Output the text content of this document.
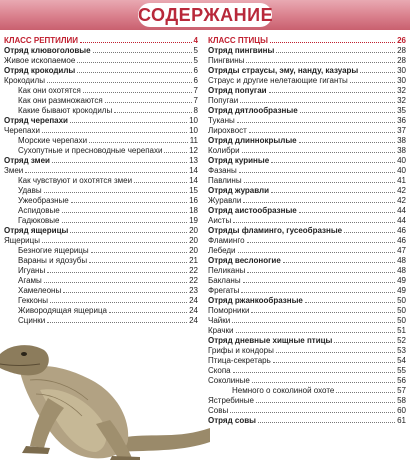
СОДЕРЖАНИЕ
КЛАСС РЕПТИЛИИ	4
Отряд клювоголовые	5
Живое ископаемое	5
Отряд крокодилы	6
Крокодилы	6
Как они охотятся	7
Как они размножаются	7
Какие бывают крокодилы	8
Отряд черепахи	10
Черепахи	10
Морские черепахи	11
Сухопутные и пресноводные черепахи	12
Отряд змеи	13
Змеи	14
Как чувствуют и охотятся змеи	14
Удавы	15
Ужеобразные	16
Аспидовые	18
Гадюковые	19
Отряд ящерицы	20
Ящерицы	20
Безногие ящерицы	20
Вараны и ядозубы	21
Игуаны	22
Агамы	22
Хамелеоны	23
Гекконы	24
Живородящая ящерица	24
Сцинки	24
КЛАСС ПТИЦЫ	26
Отряд пингвины	28
Пингвины	28
Отряды страусы, эму, нанду, казуары	30
Страус и другие нелетающие гиганты	30
Отряд попугаи	32
Попугаи	32
Отряд дятлообразные	35
Туканы	36
Лирохвост	37
Отряд длиннокрылые	38
Колибри	38
Отряд куриные	40
Фазаны	40
Павлины	41
Отряд журавли	42
Журавли	42
Отряд аистообразные	44
Аисты	44
Отряды фламинго, гусеобразные	46
Фламинго	46
Лебеди	47
Отряд веслоногие	48
Пеликаны	48
Бакланы	49
Фрегаты	49
Отряд ржанкообразные	50
Поморники	50
Чайки	50
Крачки	51
Отряд дневные хищные птицы	52
Грифы и кондоры	53
Птица-секретарь	54
Скопа	55
Соколиные	56
Немного о соколиной охоте	57
Ястребиные	58
Совы	60
Отряд совы	61
